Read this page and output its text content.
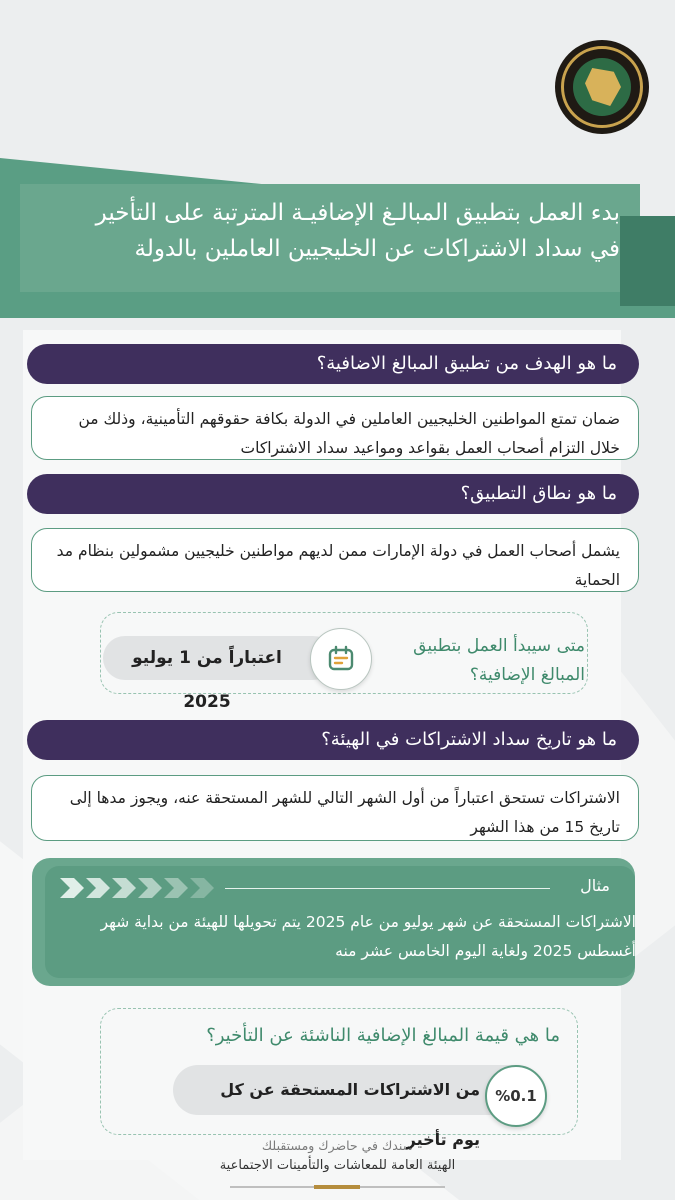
بدء العمل بتطبيق المبالـغ الإضافيـة المترتبة على التأخير
في سداد الاشتراكات عن الخليجيين العاملين بالدولة
ما هو الهدف من تطبيق المبالغ الاضافية؟
ضمان تمتع المواطنين الخليجيين العاملين في الدولة بكافة حقوقهم التأمينية، وذلك من خلال التزام أصحاب العمل بقواعد ومواعيد سداد الاشتراكات
ما هو نطاق التطبيق؟
يشمل أصحاب العمل في دولة الإمارات ممن لديهم مواطنين خليجيين مشمولين بنظام مد الحماية
متى سيبدأ العمل بتطبيق
المبالغ الإضافية؟
اعتباراً من 1 يوليو 2025
ما هو تاريخ سداد الاشتراكات في الهيئة؟
الاشتراكات تستحق اعتباراً من أول الشهر التالي للشهر المستحقة عنه، ويجوز مدها إلى تاريخ 15 من هذا الشهر
مثال
الاشتراكات المستحقة عن شهر يوليو من عام 2025 يتم تحويلها للهيئة من بداية شهر أغسطس 2025 ولغاية اليوم الخامس عشر منه
ما هي قيمة المبالغ الإضافية الناشئة عن التأخير؟
من الاشتراكات المستحقة عن كل يوم تأخير
%0.1
سندك في حاضرك ومستقبلك
الهيئة العامة للمعاشات والتأمينات الاجتماعية
